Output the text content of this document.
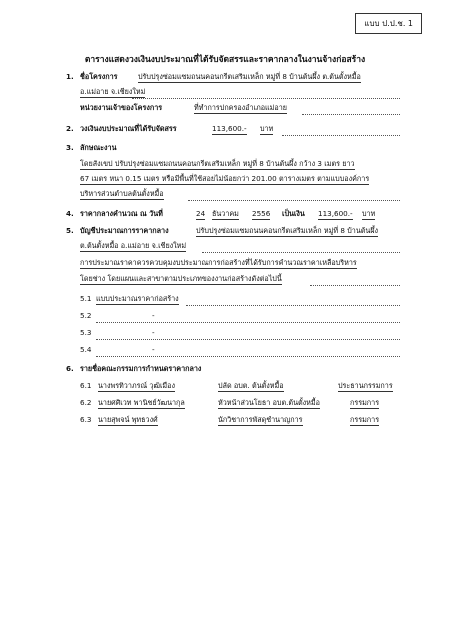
แบบ ป.ป.ช. 1
ตารางแสดงวงเงินงบประมาณที่ได้รับจัดสรรและราคากลางในงานจ้างก่อสร้าง
1. ชื่อโครงการ	ปรับปรุงซ่อมแซมถนนคอนกรีตเสริมเหล็ก หมู่ที่ 8 บ้านต้นผึ้ง ต.ต้นตั้งหมื้อ
อ.แม่อาย จ.เชียงใหม่
หน่วยงานเจ้าของโครงการ	ที่ทำการปกครองอำเภอแม่อาย
2. วงเงินงบประมาณที่ได้รับจัดสรร	113,600.- บาท
3. ลักษณะงาน
โดยสังเขป ปรับปรุงซ่อมแซมถนนคอนกรีตเสริมเหล็ก หมู่ที่ 8 บ้านต้นผึ้ง กว้าง 3 เมตร ยาว
67 เมตร หนา 0.15 เมตร หรือมีพื้นที่ใช้สอยไม่น้อยกว่า 201.00 ตารางเมตร ตามแบบองค์การ
บริหารส่วนตำบลต้นตั้งหมื้อ
4. ราคากลางคำนวณ ณ วันที่	24 ธันวาคม 2556 เป็นเงิน 113,600.- บาท
5. บัญชีประมาณการราคากลาง	ปรับปรุงซ่อมแซมถนนคอนกรีตเสริมเหล็ก หมู่ที่ 8 บ้านต้นผึ้ง
ต.ต้นตั้งหมื้อ อ.แม่อาย จ.เชียงใหม่
การประมาณราคาควรควบคุมงบประมาณการก่อสร้างที่ได้รับการคำนวณราคาเหลือบริหาร
โดยช่าง โดยแผนและสาขาตามประเภทของงานก่อสร้างดังต่อไปนี้
5.1 แบบประมาณราคาก่อสร้าง
5.2	-
5.3	-
5.4	-
6. รายชื่อคณะกรรมการกำหนดราคากลาง
6.1 นางพรทิวาภรณ์ วุฒิเมือง	ปลัด อบต. ต้นตั้งหมื้อ	ประธานกรรมการ
6.2 นายศศิเวท พานิชย์วัฒนากุล	หัวหน้าส่วนโยธา อบต.ต้นตั้งหมื้อ	กรรมการ
6.3 นายสุพจน์ พุทธวงศ์	นักวิชาการพัสดุชำนาญการ	กรรมการ
